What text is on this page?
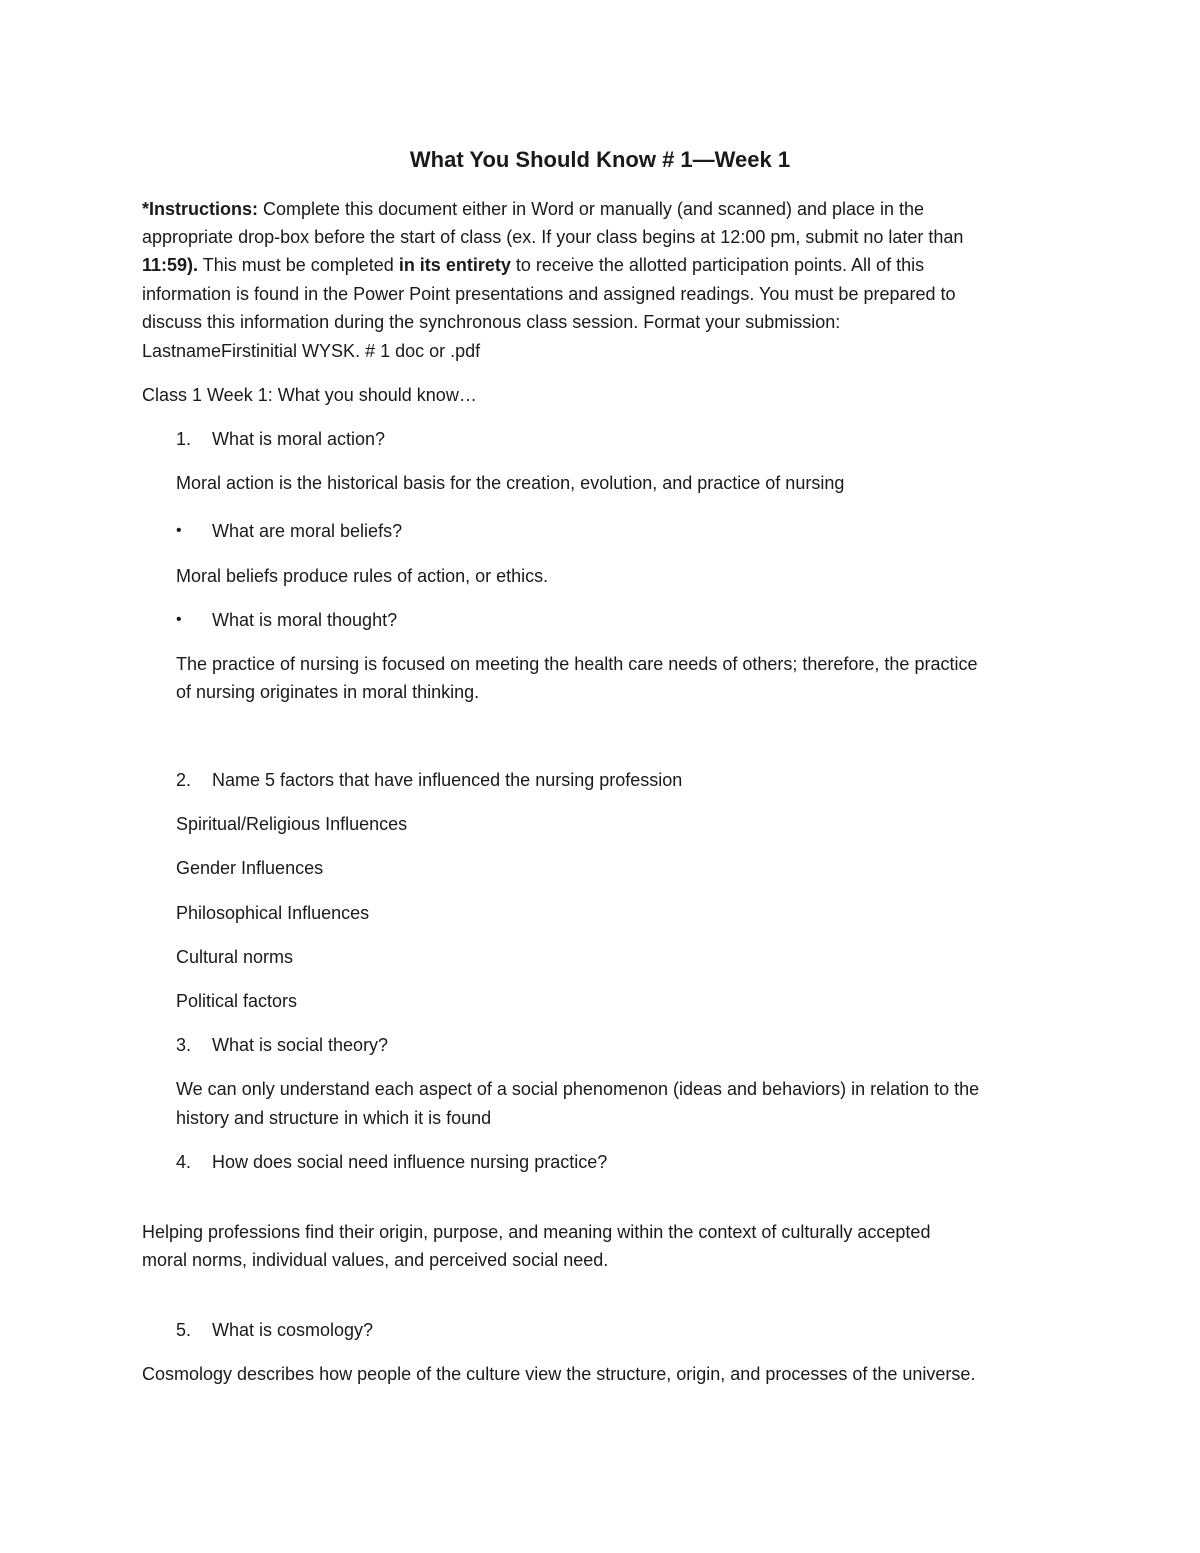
What You Should Know # 1—Week 1
*Instructions: Complete this document either in Word or manually (and scanned) and place in the
appropriate drop-box before the start of class (ex. If your class begins at 12:00 pm, submit no later than
11:59). This must be completed in its entirety to receive the allotted participation points. All of this
information is found in the Power Point presentations and assigned readings. You must be prepared to
discuss this information during the synchronous class session. Format your submission:
LastnameFirstinitial WYSK. # 1 doc or .pdf
Class 1 Week 1: What you should know…
1. What is moral action?
Moral action is the historical basis for the creation, evolution, and practice of nursing
• What are moral beliefs?
Moral beliefs produce rules of action, or ethics.
• What is moral thought?
The practice of nursing is focused on meeting the health care needs of others; therefore, the practice
of nursing originates in moral thinking.
2. Name 5 factors that have influenced the nursing profession
Spiritual/Religious Influences
Gender Influences
Philosophical Influences
Cultural norms
Political factors
3. What is social theory?
We can only understand each aspect of a social phenomenon (ideas and behaviors) in relation to the
history and structure in which it is found
4. How does social need influence nursing practice?
Helping professions find their origin, purpose, and meaning within the context of culturally accepted
moral norms, individual values, and perceived social need.
5. What is cosmology?
Cosmology describes how people of the culture view the structure, origin, and processes of the universe.
